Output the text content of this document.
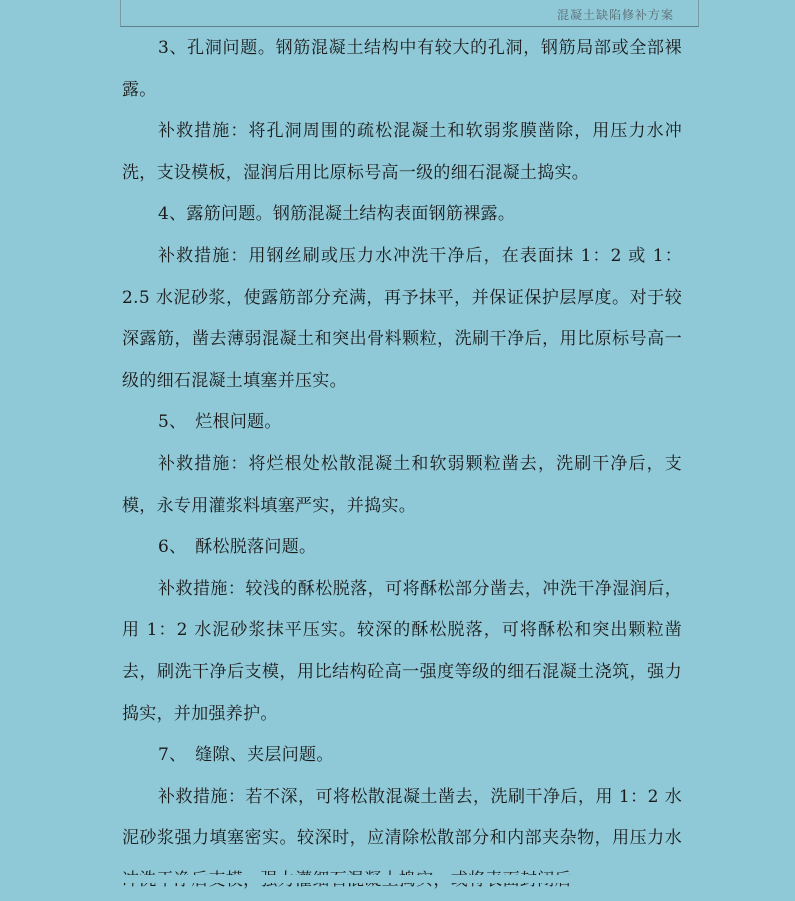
混凝土缺陷修补方案

3、孔洞问题。钢筋混凝土结构中有较大的孔洞，钢筋局部或全部裸露。

补救措施：将孔洞周围的疏松混凝土和软弱浆膜凿除，用压力水冲洗，支设模板，湿润后用比原标号高一级的细石混凝土捣实。

4、露筋问题。钢筋混凝土结构表面钢筋裸露。

补救措施：用钢丝刷或压力水冲洗干净后，在表面抹 1：2 或 1：2.5 水泥砂浆，使露筋部分充满，再予抹平，并保证保护层厚度。对于较深露筋，凿去薄弱混凝土和突出骨料颗粒，洗刷干净后，用比原标号高一级的细石混凝土填塞并压实。

5、　烂根问题。

补救措施：将烂根处松散混凝土和软弱颗粒凿去，洗刷干净后，支模，永专用灌浆料填塞严实，并捣实。

6、　酥松脱落问题。

补救措施：较浅的酥松脱落，可将酥松部分凿去，冲洗干净湿润后，用 1：2 水泥砂浆抹平压实。较深的酥松脱落，可将酥松和突出颗粒凿去，刷洗干净后支模，用比结构砼高一强度等级的细石混凝土浇筑，强力捣实，并加强养护。

7、　缝隙、夹层问题。

补救措施：若不深，可将松散混凝土凿去，洗刷干净后，用 1：2 水泥砂浆强力填塞密实。较深时，应清除松散部分和内部夹杂物，用压力水
